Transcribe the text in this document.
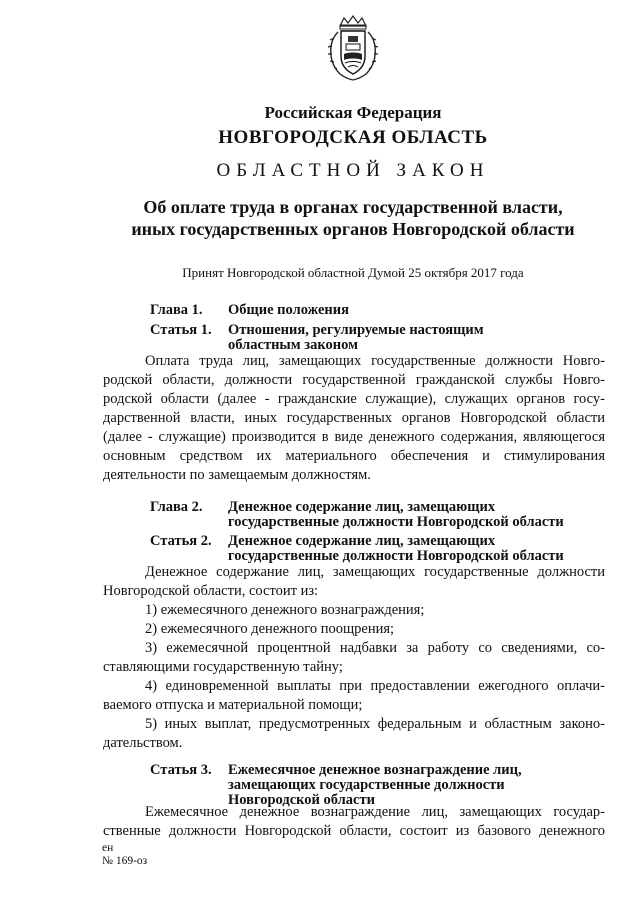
Российская Федерация
НОВГОРОДСКАЯ ОБЛАСТЬ
ОБЛАСТНОЙ ЗАКОН
Об оплате труда в органах государственной власти,
иных государственных органов Новгородской области
Принят Новгородской областной Думой 25 октября 2017 года
Глава 1. Общие положения
Статья 1. Отношения, регулируемые настоящим
областным законом
Оплата труда лиц, замещающих государственные должности Новго-
родской области, должности государственной гражданской службы Новго-
родской области (далее - гражданские служащие), служащих органов госу-
дарственной власти, иных государственных органов Новгородской области
(далее - служащие) производится в виде денежного содержания, являющегося
основным средством их материального обеспечения и стимулирования
деятельности по замещаемым должностям.
Глава 2. Денежное содержание лиц, замещающих
государственные должности Новгородской области
Статья 2. Денежное содержание лиц, замещающих
государственные должности Новгородской области
Денежное содержание лиц, замещающих государственные должности
Новгородской области, состоит из:
1) ежемесячного денежного вознаграждения;
2) ежемесячного денежного поощрения;
3) ежемесячной процентной надбавки за работу со сведениями, со-
ставляющими государственную тайну;
4) единовременной выплаты при предоставлении ежегодного оплачи-
ваемого отпуска и материальной помощи;
5) иных выплат, предусмотренных федеральным и областным законо-
дательством.
Статья 3. Ежемесячное денежное вознаграждение лиц,
замещающих государственные должности
Новгородской области
Ежемесячное денежное вознаграждение лиц, замещающих государ-
ственные должности Новгородской области, состоит из базового денежного
ен
№ 169-оз
